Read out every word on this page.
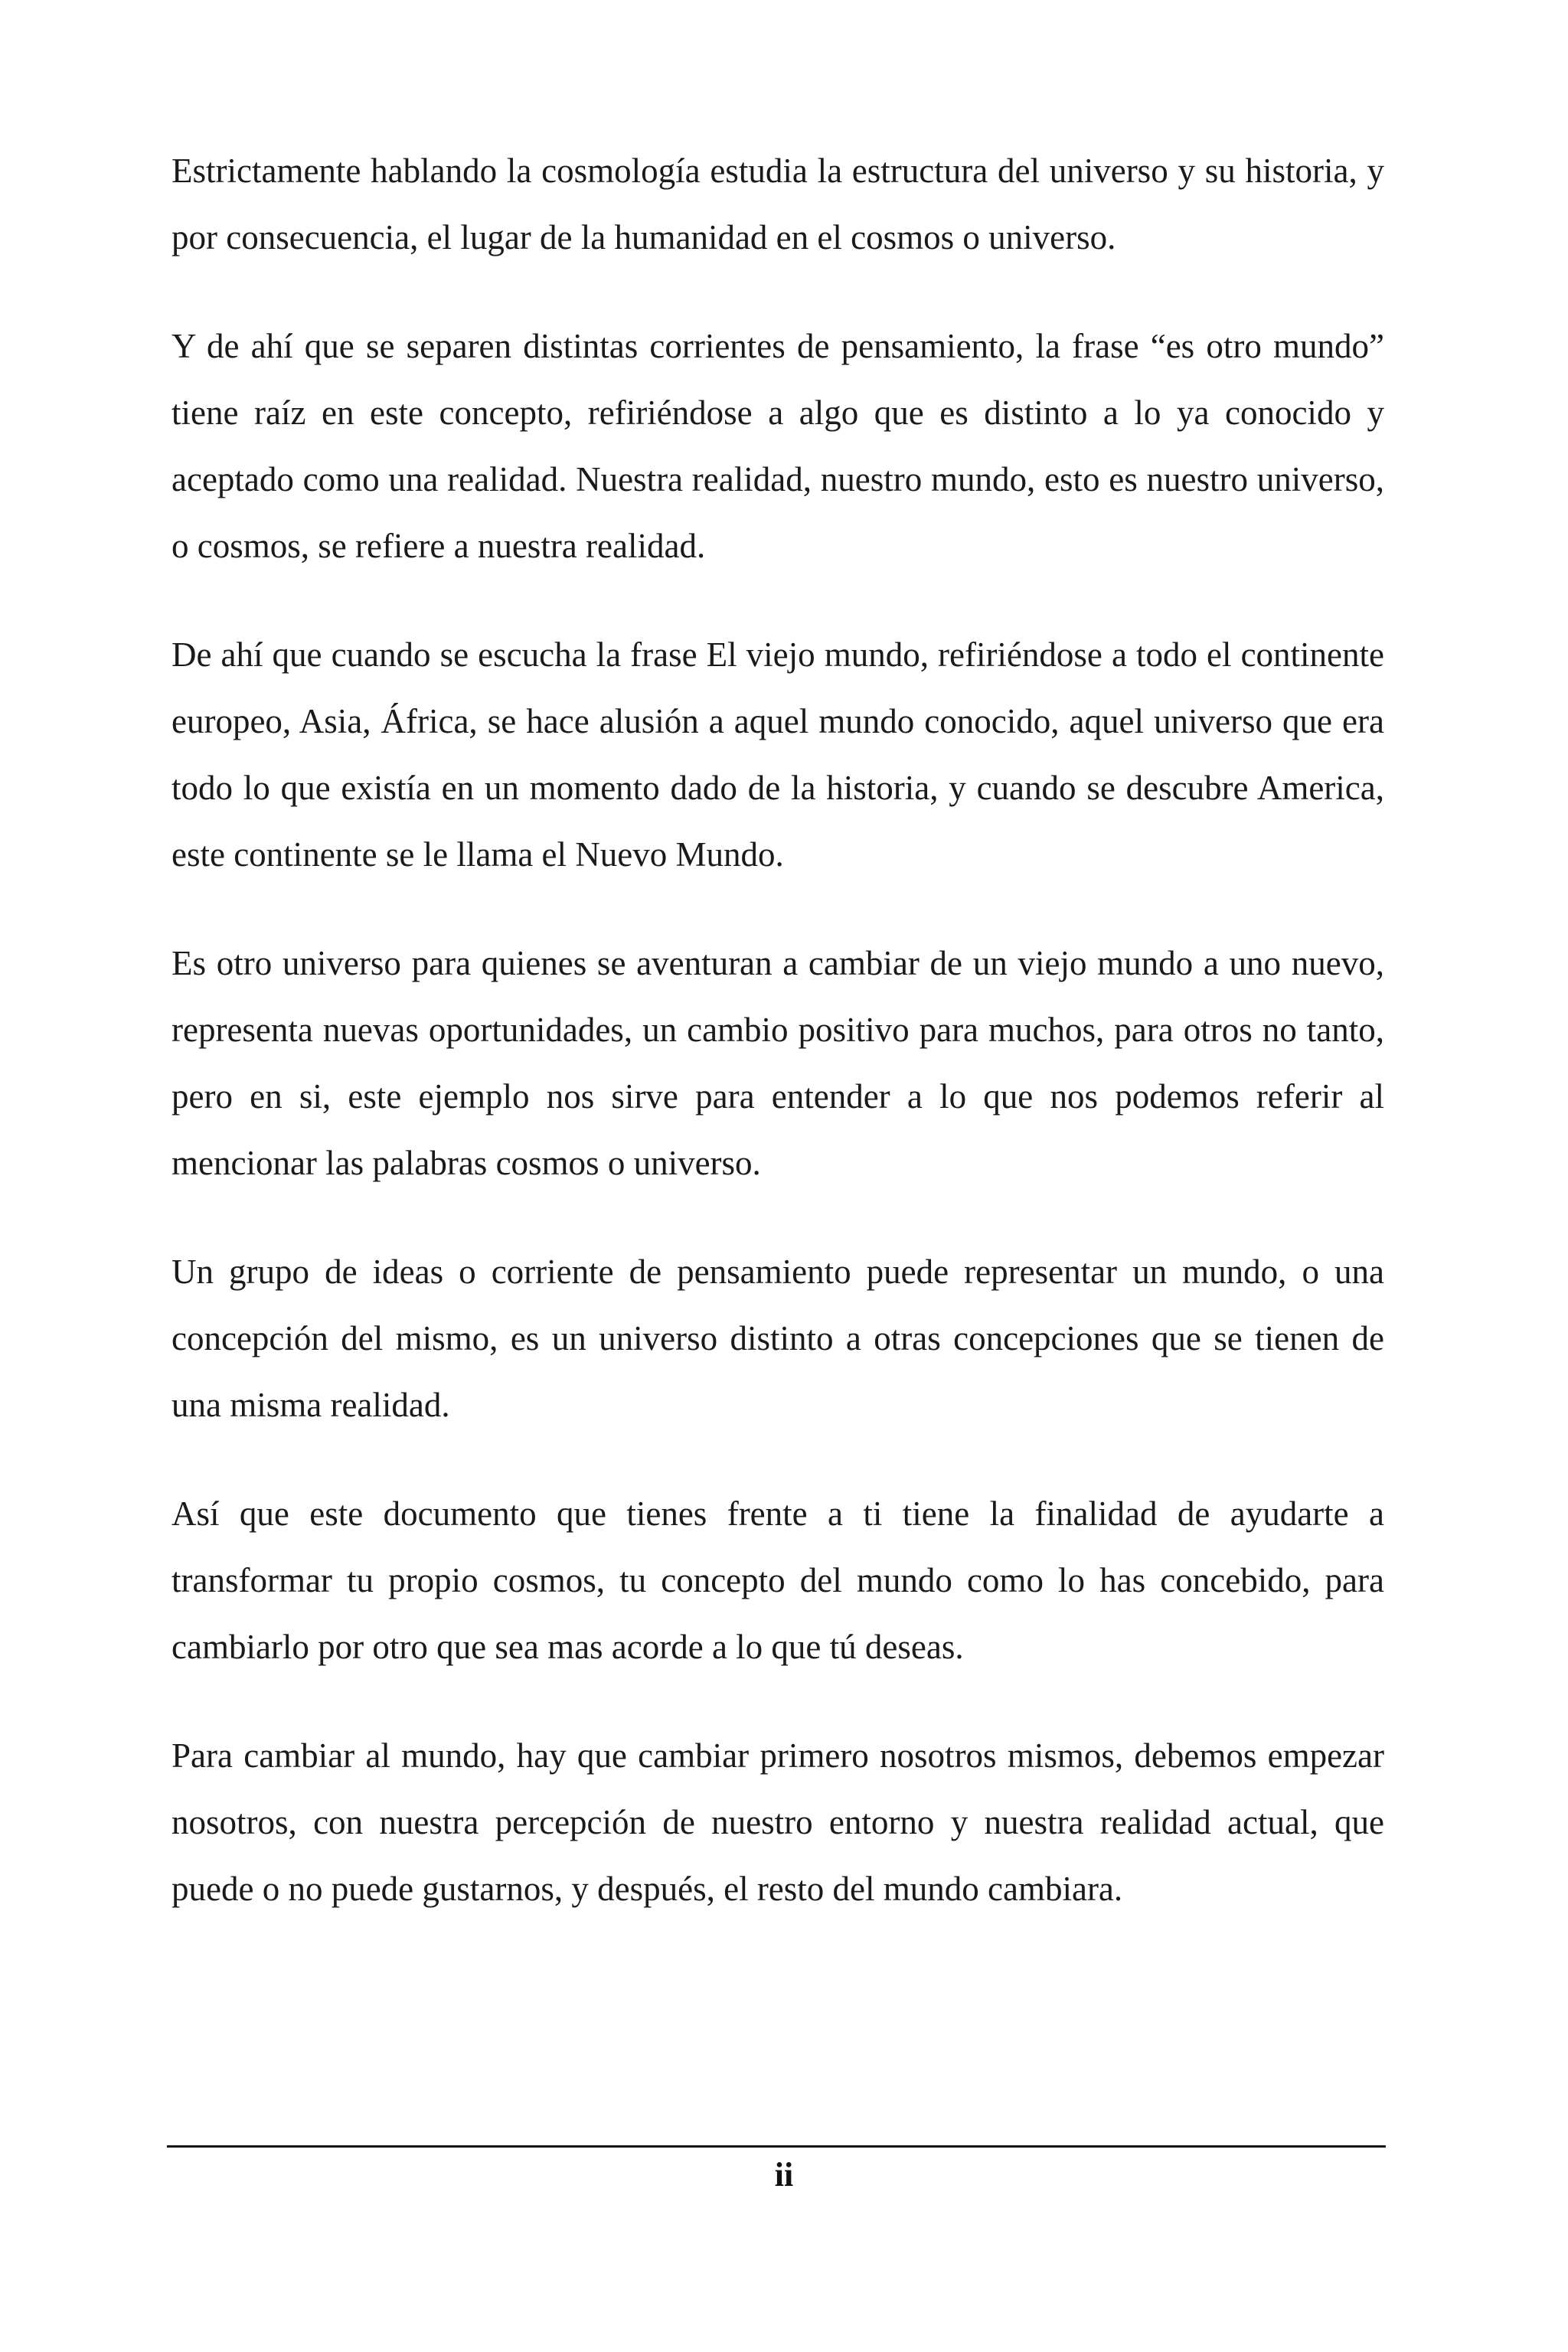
Estrictamente hablando la cosmología estudia la estructura del universo y su historia, y por consecuencia, el lugar de la humanidad en el cosmos o universo.

Y de ahí que se separen distintas corrientes de pensamiento, la frase “es otro mundo” tiene raíz en este concepto, refiriéndose a algo que es distinto a lo ya conocido y aceptado como una realidad. Nuestra realidad, nuestro mundo, esto es nuestro universo, o cosmos, se refiere a nuestra realidad.

De ahí que cuando se escucha la frase El viejo mundo, refiriéndose a todo el continente europeo, Asia, África, se hace alusión a aquel mundo conocido, aquel universo que era todo lo que existía en un momento dado de la historia, y cuando se descubre America, este continente se le llama el Nuevo Mundo.

Es otro universo para quienes se aventuran a cambiar de un viejo mundo a uno nuevo, representa nuevas oportunidades, un cambio positivo para muchos, para otros no tanto, pero en si, este ejemplo nos sirve para entender a lo que nos podemos referir al mencionar las palabras cosmos o universo.

Un grupo de ideas o corriente de pensamiento puede representar un mundo, o una concepción del mismo, es un universo distinto a otras concepciones que se tienen de una misma realidad.

Así que este documento que tienes frente a ti tiene la finalidad de ayudarte a transformar tu propio cosmos, tu concepto del mundo como lo has concebido, para cambiarlo por otro que sea mas acorde a lo que tú deseas.

Para cambiar al mundo, hay que cambiar primero nosotros mismos, debemos empezar nosotros, con nuestra percepción de nuestro entorno y nuestra realidad actual, que puede o no puede gustarnos, y después, el resto del mundo cambiara.

ii
